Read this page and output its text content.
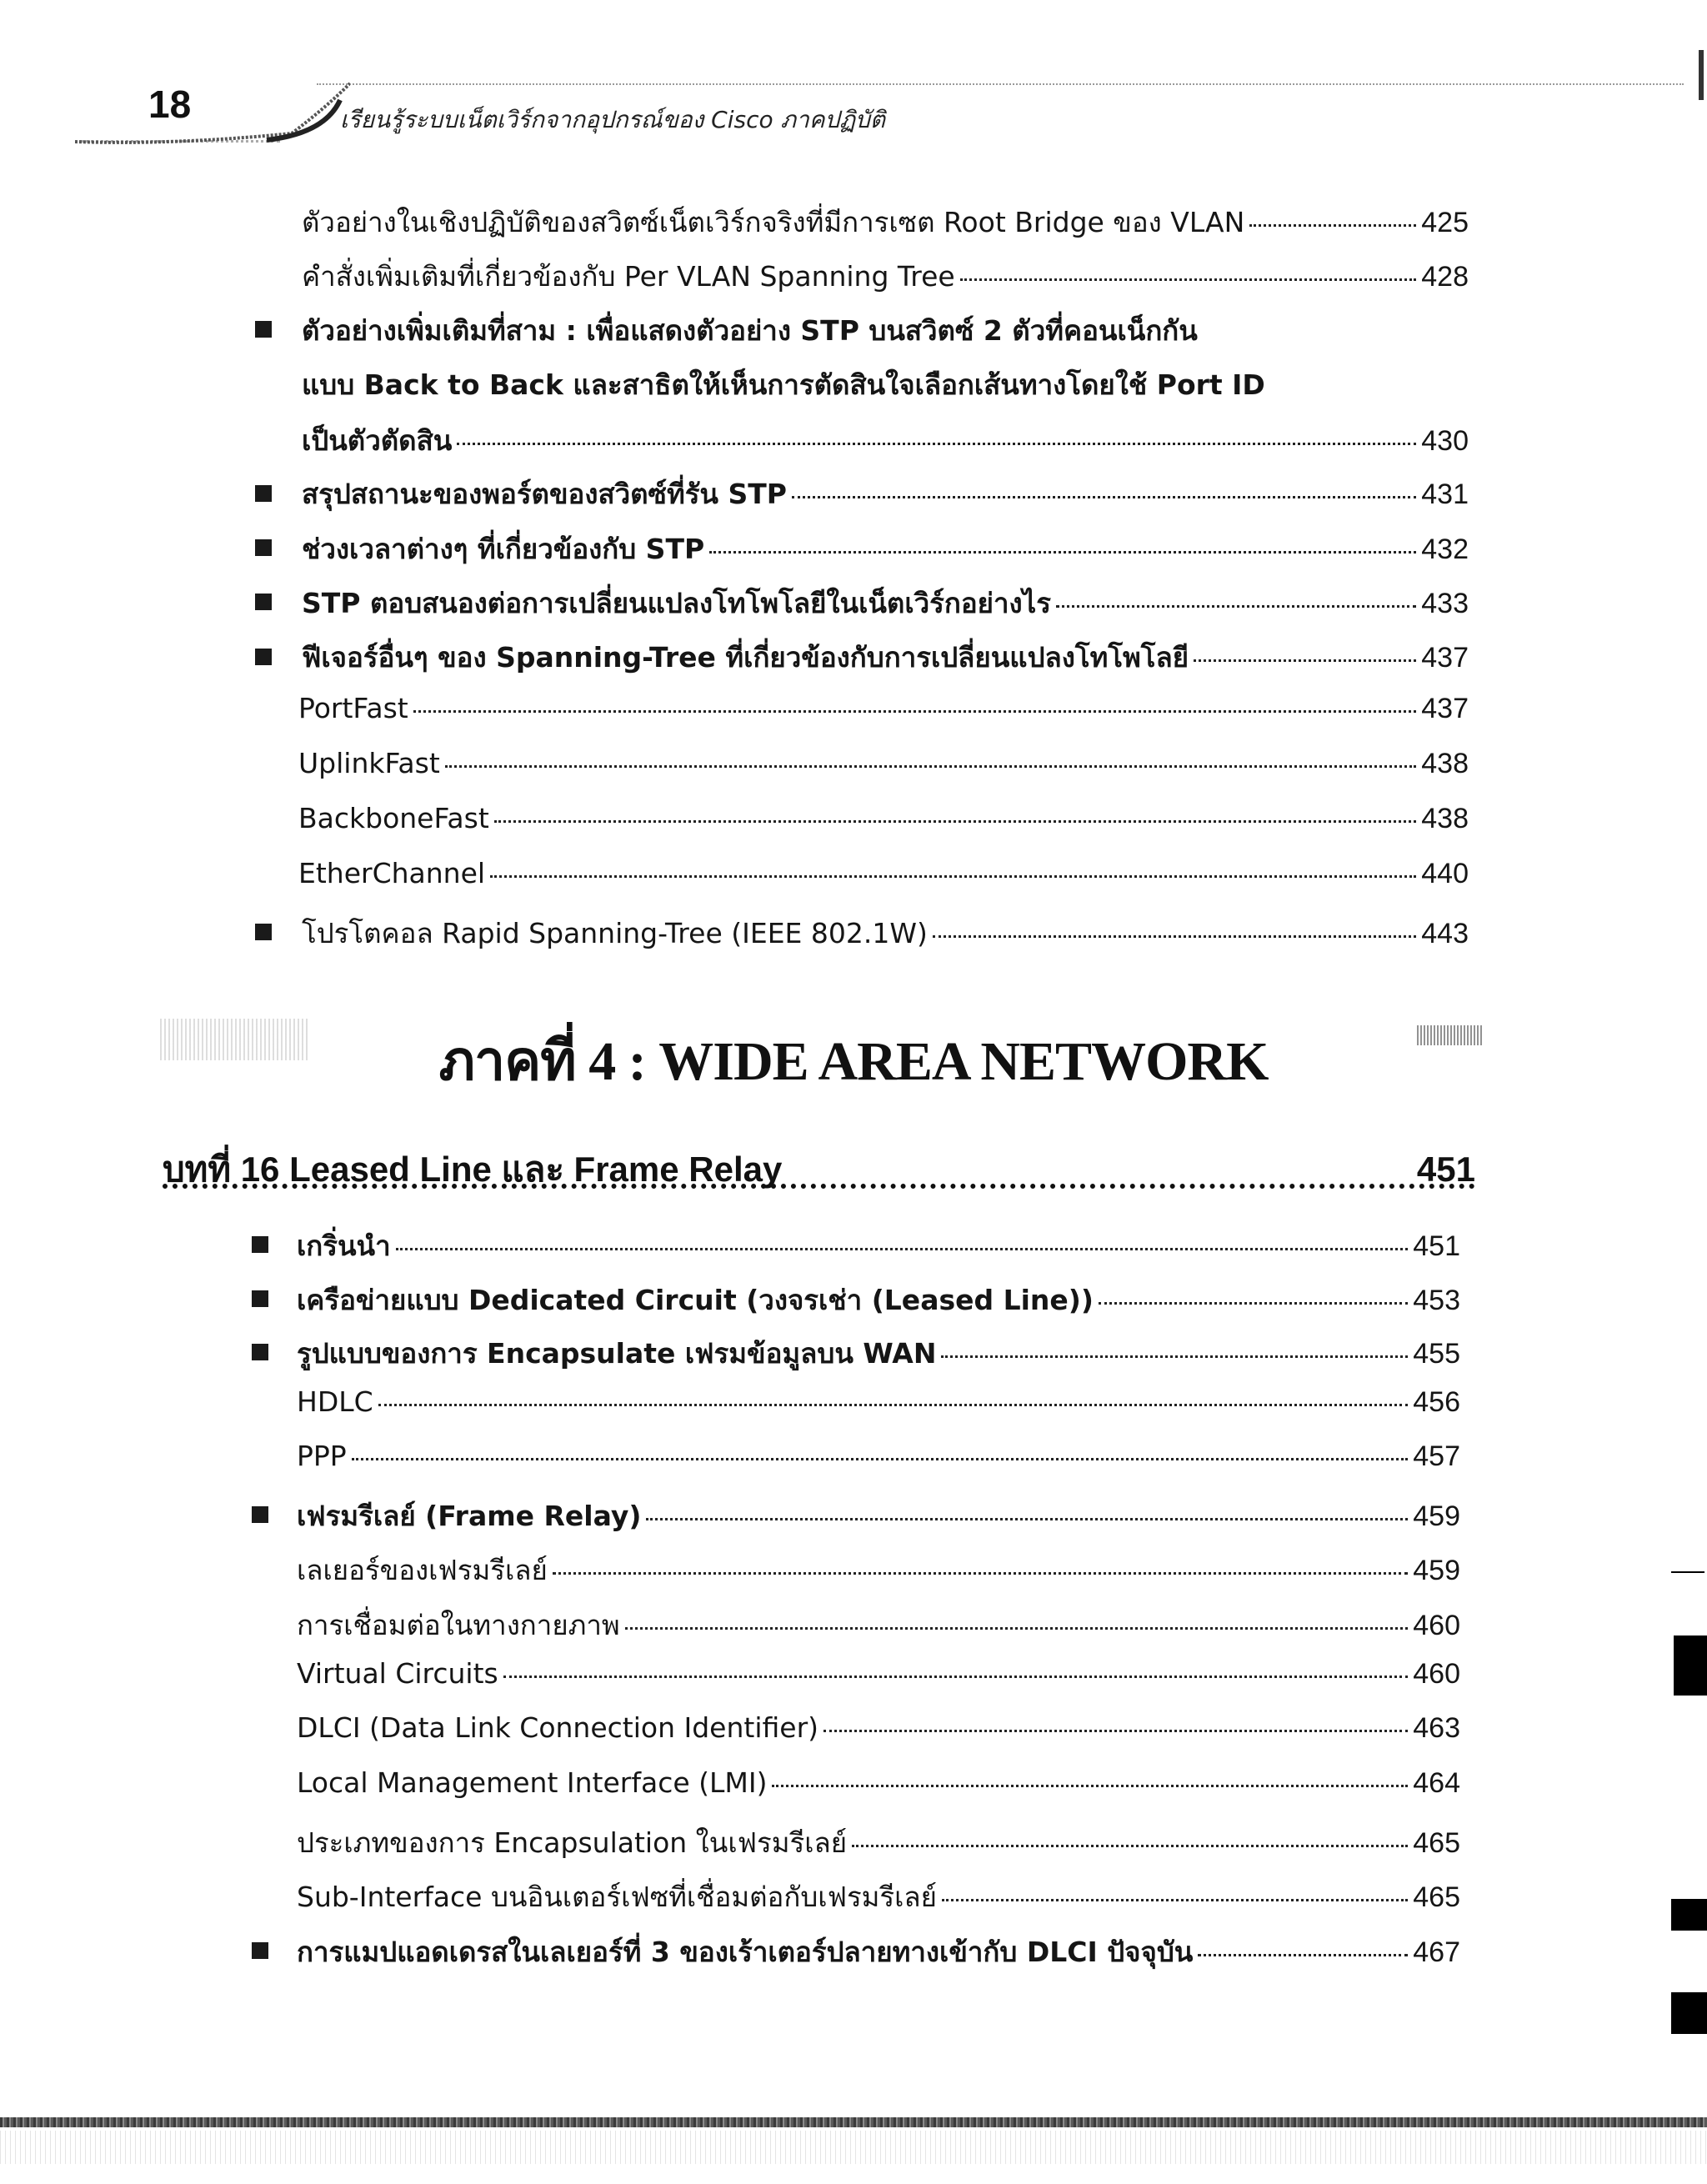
18	เรียนรู้ระบบเน็ตเวิร์กจากอุปกรณ์ของ Cisco ภาคปฏิบัติ
ตัวอย่างในเชิงปฏิบัติของสวิตซ์เน็ตเวิร์กจริงที่มีการเซต Root Bridge ของ VLAN	425
คำสั่งเพิ่มเติมที่เกี่ยวข้องกับ Per VLAN Spanning Tree	428
ตัวอย่างเพิ่มเติมที่สาม : เพื่อแสดงตัวอย่าง STP บนสวิตซ์ 2 ตัวที่คอนเน็กกัน
แบบ Back to Back และสาธิตให้เห็นการตัดสินใจเลือกเส้นทางโดยใช้ Port ID
เป็นตัวตัดสิน	430
สรุปสถานะของพอร์ตของสวิตซ์ที่รัน STP	431
ช่วงเวลาต่างๆ ที่เกี่ยวข้องกับ STP	432
STP ตอบสนองต่อการเปลี่ยนแปลงโทโพโลยีในเน็ตเวิร์กอย่างไร	433
ฟีเจอร์อื่นๆ ของ Spanning-Tree ที่เกี่ยวข้องกับการเปลี่ยนแปลงโทโพโลยี	437
PortFast	437
UplinkFast	438
BackboneFast	438
EtherChannel	440
โปรโตคอล Rapid Spanning-Tree (IEEE 802.1W)	443
ภาคที่ 4 : WIDE AREA NETWORK
บทที่ 16 Leased Line และ Frame Relay	451
เกริ่นนำ	451
เครือข่ายแบบ Dedicated Circuit (วงจรเช่า (Leased Line))	453
รูปแบบของการ Encapsulate เฟรมข้อมูลบน WAN	455
HDLC	456
PPP	457
เฟรมรีเลย์ (Frame Relay)	459
เลเยอร์ของเฟรมรีเลย์	459
การเชื่อมต่อในทางกายภาพ	460
Virtual Circuits	460
DLCI (Data Link Connection Identifier)	463
Local Management Interface (LMI)	464
ประเภทของการ Encapsulation ในเฟรมรีเลย์	465
Sub-Interface บนอินเตอร์เฟซที่เชื่อมต่อกับเฟรมรีเลย์	465
การแมปแอดเดรสในเลเยอร์ที่ 3 ของเร้าเตอร์ปลายทางเข้ากับ DLCI ปัจจุบัน	467
